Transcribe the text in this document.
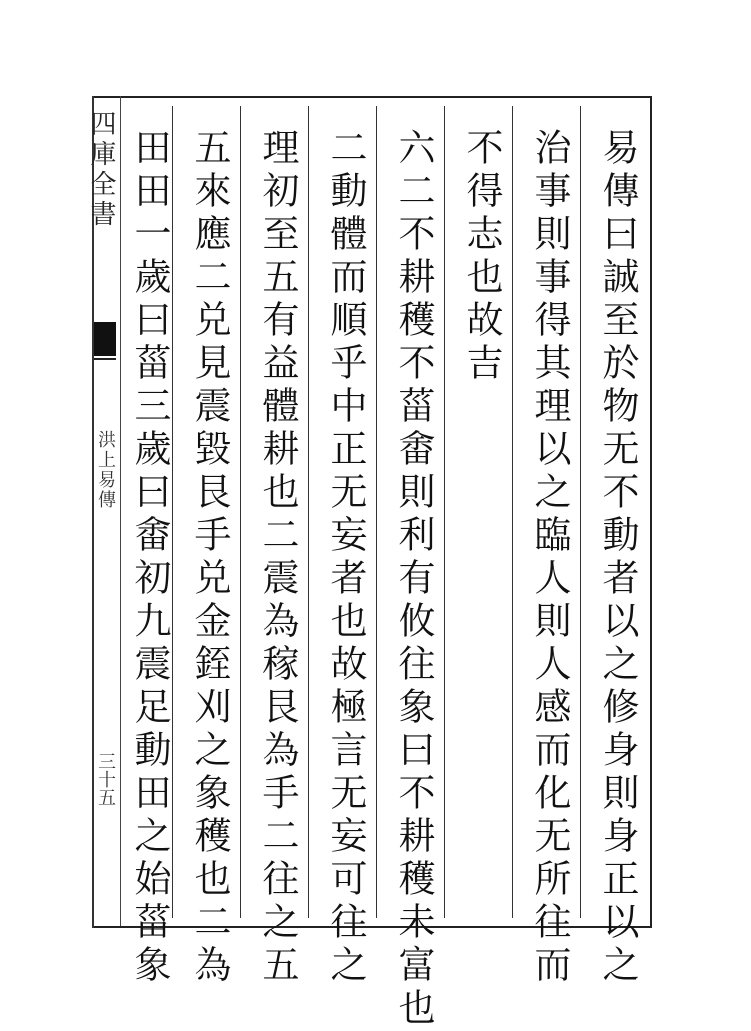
四庫全書
洪上易傳
三十五	易傳曰誠至於物无不動者以之修身則身正以之
治事則事得其理以之臨人則人感而化无所往而
不得志也故吉
六二不耕穫不菑畬則利有攸往象曰不耕穫未富也
二動體而順乎中正无妄者也故極言无妄可往之
理初至五有益體耕也二震為稼艮為手二往之五
五來應二兑見震毀艮手兑金銍刈之象穫也二為
田田一歲曰菑三歲曰畬初九震足動田之始菑象
